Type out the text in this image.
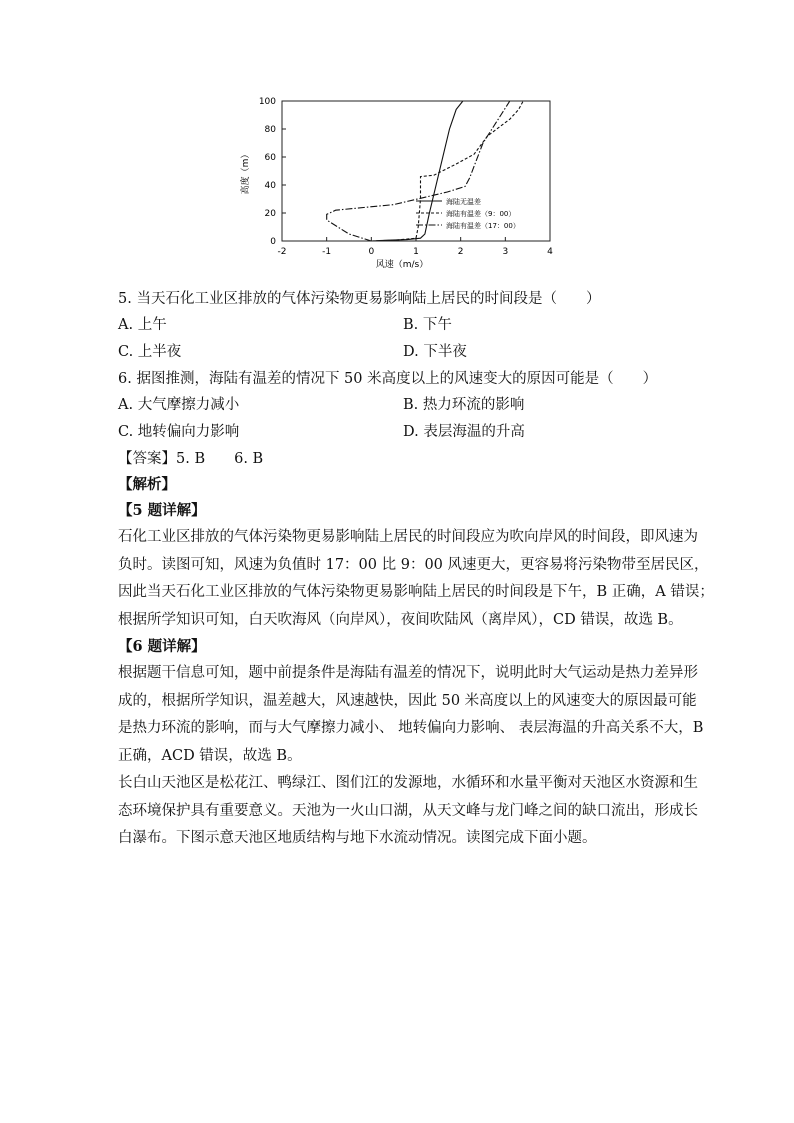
高度（m）
风速（m/s）
0
20
40
60
80
100
-2	-1	0	1	2	3	4
海陆无温差
海陆有温差（9：00）
海陆有温差（17：00）
5. 当天石化工业区排放的气体污染物更易影响陆上居民的时间段是（　　）
A. 上午	B. 下午
C. 上半夜	D. 下半夜
6. 据图推测，海陆有温差的情况下 50 米高度以上的风速变大的原因可能是（　　）
A. 大气摩擦力减小	B. 热力环流的影响
C. 地转偏向力影响	D. 表层海温的升高
【答案】5. B　　6. B
【解析】
【5 题详解】
石化工业区排放的气体污染物更易影响陆上居民的时间段应为吹向岸风的时间段，即风速为
负时。读图可知，风速为负值时 17：00 比 9：00 风速更大，更容易将污染物带至居民区，
因此当天石化工业区排放的气体污染物更易影响陆上居民的时间段是下午，B 正确，A 错误；
根据所学知识可知，白天吹海风（向岸风），夜间吹陆风（离岸风），CD 错误，故选 B。
【6 题详解】
根据题干信息可知，题中前提条件是海陆有温差的情况下，说明此时大气运动是热力差异形
成的，根据所学知识，温差越大，风速越快，因此 50 米高度以上的风速变大的原因最可能
是热力环流的影响，而与大气摩擦力减小、 地转偏向力影响、 表层海温的升高关系不大，B
正确，ACD 错误，故选 B。
长白山天池区是松花江、鸭绿江、图们江的发源地，水循环和水量平衡对天池区水资源和生
态环境保护具有重要意义。天池为一火山口湖，从天文峰与龙门峰之间的缺口流出，形成长
白瀑布。下图示意天池区地质结构与地下水流动情况。读图完成下面小题。
